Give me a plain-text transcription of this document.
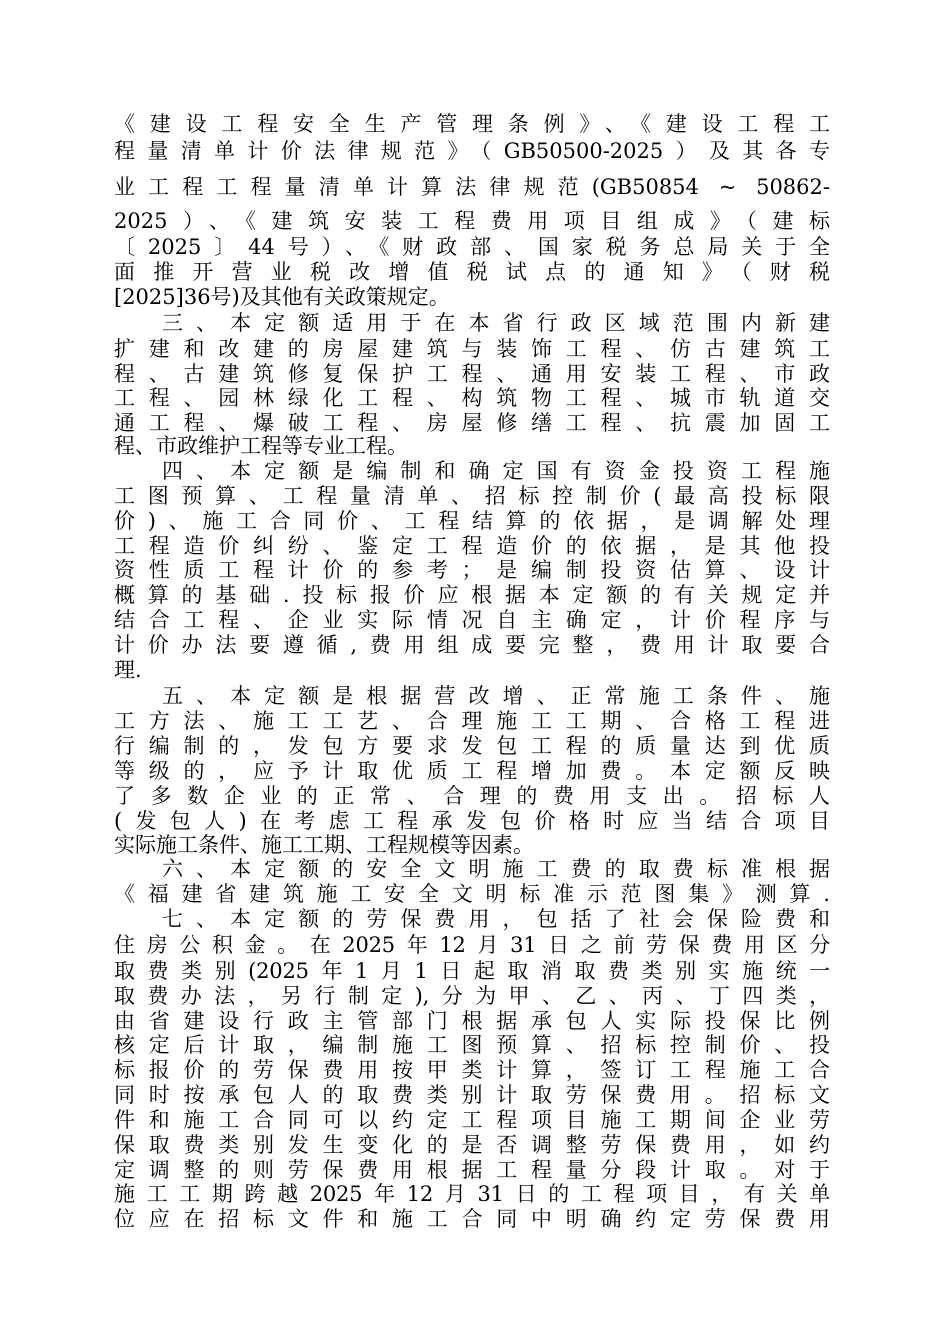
《建设工程安全生产管理条例》、《建设工程工
程量清单计价法律规范》（GB50500-2025）及其各专
业工程工程量清单计算法律规范(GB50854 ~ 50862-
2025）、《建筑安装工程费用项目组成》（建标
〔2025〕44号）、《财政部、国家税务总局关于全
面推开营业税改增值税试点的通知》（财税
[2025]36号)及其他有关政策规定。
三、本定额适用于在本省行政区域范围内新建
扩建和改建的房屋建筑与装饰工程、仿古建筑工
程、古建筑修复保护工程、通用安装工程、市政
工程、园林绿化工程、构筑物工程、城市轨道交
通工程、爆破工程、房屋修缮工程、抗震加固工
程、市政维护工程等专业工程。
四、本定额是编制和确定国有资金投资工程施
工图预算、工程量清单、招标控制价(最高投标限
价)、施工合同价、工程结算的依据，是调解处理
工程造价纠纷、鉴定工程造价的依据，是其他投
资性质工程计价的参考；是编制投资估算、设计
概算的基础.投标报价应根据本定额的有关规定并
结合工程、企业实际情况自主确定，计价程序与
计价办法要遵循,费用组成要完整，费用计取要合
理.
五、本定额是根据营改增、正常施工条件、施
工方法、施工工艺、合理施工工期、合格工程进
行编制的，发包方要求发包工程的质量达到优质
等级的，应予计取优质工程增加费。本定额反映
了多数企业的正常、合理的费用支出。招标人
(发包人)在考虑工程承发包价格时应当结合项目
实际施工条件、施工工期、工程规模等因素。
六、本定额的安全文明施工费的取费标准根据
《福建省建筑施工安全文明标准示范图集》测算.
七、本定额的劳保费用，包括了社会保险费和
住房公积金。在2025年12月31日之前劳保费用区分
取费类别(2025年1月1日起取消取费类别实施统一
取费办法，另行制定),分为甲、乙、丙、丁四类，
由省建设行政主管部门根据承包人实际投保比例
核定后计取，编制施工图预算、招标控制价、投
标报价的劳保费用按甲类计算，签订工程施工合
同时按承包人的取费类别计取劳保费用。招标文
件和施工合同可以约定工程项目施工期间企业劳
保取费类别发生变化的是否调整劳保费用，如约
定调整的则劳保费用根据工程量分段计取。对于
施工工期跨越2025年12月31日的工程项目，有关单
位应在招标文件和施工合同中明确约定劳保费用
